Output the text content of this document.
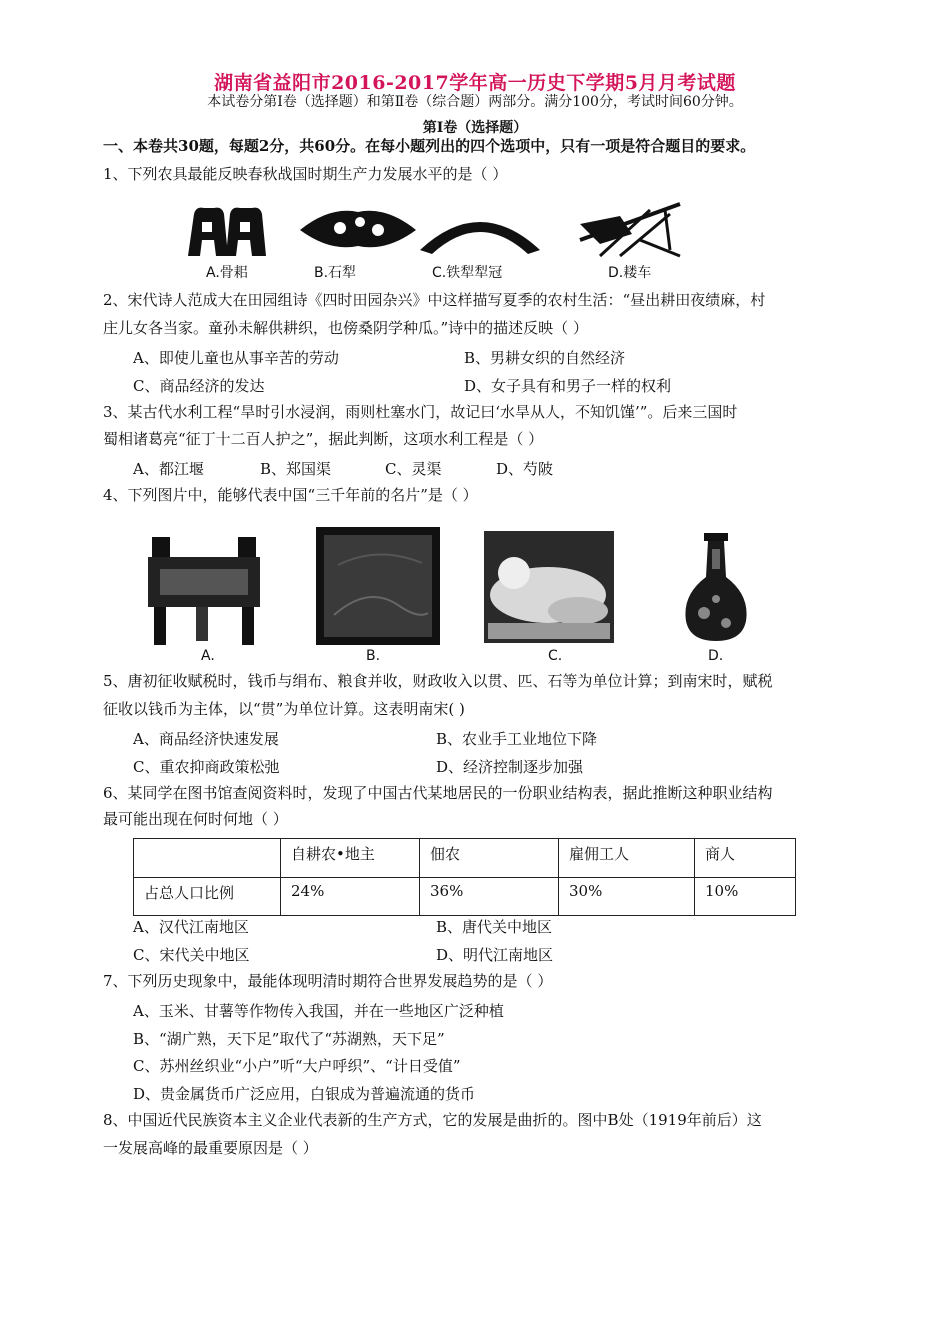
湖南省益阳市2016-2017学年高一历史下学期5月月考试题
本试卷分第Ⅰ卷（选择题）和第Ⅱ卷（综合题）两部分。满分100分，考试时间60分钟。
第Ⅰ卷（选择题）
一、本卷共30题，每题2分，共60分。在每小题列出的四个选项中，只有一项是符合题目的要求。
1、下列农具最能反映春秋战国时期生产力发展水平的是（ ）
A.骨耜	B.石犁	C.铁犁犁冠	D.耧车
2、宋代诗人范成大在田园组诗《四时田园杂兴》中这样描写夏季的农村生活：“昼出耕田夜绩麻，村
庄儿女各当家。童孙未解供耕织，也傍桑阴学种瓜。”诗中的描述反映（ ）
A、即使儿童也从事辛苦的劳动	B、男耕女织的自然经济
C、商品经济的发达	D、女子具有和男子一样的权利
3、某古代水利工程“旱时引水浸润，雨则杜塞水门，故记曰‘水旱从人，不知饥馑’”。后来三国时
蜀相诸葛亮“征丁十二百人护之”，据此判断，这项水利工程是（ ）
A、都江堰	B、郑国渠	C、灵渠	D、芍陂
4、下列图片中，能够代表中国“三千年前的名片”是（ ）
A.	B.	C.	D.
5、唐初征收赋税时，钱币与绢布、粮食并收，财政收入以贯、匹、石等为单位计算；到南宋时，赋税
征收以钱币为主体，以“贯”为单位计算。这表明南宋( )
A、商品经济快速发展	B、农业手工业地位下降
C、重农抑商政策松弛	D、经济控制逐步加强
6、某同学在图书馆查阅资料时，发现了中国古代某地居民的一份职业结构表，据此推断这种职业结构
最可能出现在何时何地（ ）
	自耕农•地主	佃农	雇佣工人	商人
占总人口比例	24%	36%	30%	10%
A、汉代江南地区	B、唐代关中地区
C、宋代关中地区	D、明代江南地区
7、下列历史现象中，最能体现明清时期符合世界发展趋势的是（ ）
A、玉米、甘薯等作物传入我国，并在一些地区广泛种植
B、“湖广熟，天下足”取代了“苏湖熟，天下足”
C、苏州丝织业“小户”听“大户呼织”、“计日受值”
D、贵金属货币广泛应用，白银成为普遍流通的货币
8、中国近代民族资本主义企业代表新的生产方式，它的发展是曲折的。图中B处（1919年前后）这
一发展高峰的最重要原因是（ ）
